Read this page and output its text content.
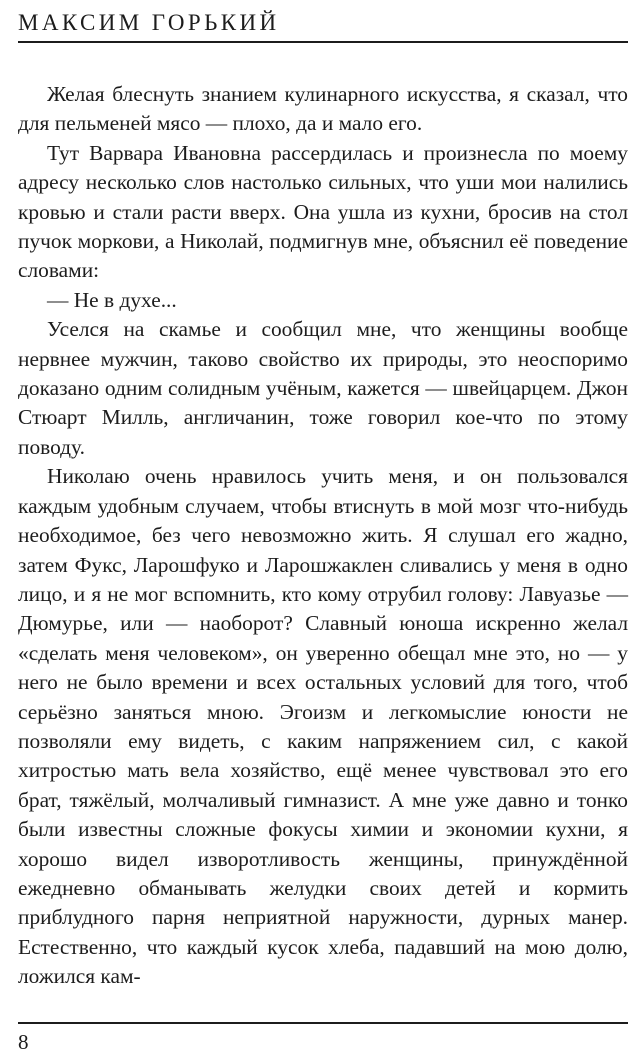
МАКСИМ ГОРЬКИЙ

Желая блеснуть знанием кулинарного искусства, я сказал, что для пельменей мясо — плохо, да и мало его.

Тут Варвара Ивановна рассердилась и произнесла по моему адресу несколько слов настолько сильных, что уши мои налились кровью и стали расти вверх. Она ушла из кухни, бросив на стол пучок моркови, а Николай, подмигнув мне, объяснил её поведение словами:

— Не в духе...

Уселся на скамье и сообщил мне, что женщины вообще нервнее мужчин, таково свойство их природы, это неоспоримо доказано одним солидным учёным, кажется — швейцарцем. Джон Стюарт Милль, англичанин, тоже говорил кое-что по этому поводу.

Николаю очень нравилось учить меня, и он пользовался каждым удобным случаем, чтобы втиснуть в мой мозг что-нибудь необходимое, без чего невозможно жить. Я слушал его жадно, затем Фукс, Ларошфуко и Ларошжаклен сливались у меня в одно лицо, и я не мог вспомнить, кто кому отрубил голову: Лавуазье — Дюмурье, или — наоборот? Славный юноша искренно желал «сделать меня человеком», он уверенно обещал мне это, но — у него не было времени и всех остальных условий для того, чтоб серьёзно заняться мною. Эгоизм и легкомыслие юности не позволяли ему видеть, с каким напряжением сил, с какой хитростью мать вела хозяйство, ещё менее чувствовал это его брат, тяжёлый, молчаливый гимназист. А мне уже давно и тонко были известны сложные фокусы химии и экономии кухни, я хорошо видел изворотливость женщины, принуждённой ежедневно обманывать желудки своих детей и кормить приблудного парня неприятной наружности, дурных манер. Естественно, что каждый кусок хлеба, падавший на мою долю, ложился кам-

8
